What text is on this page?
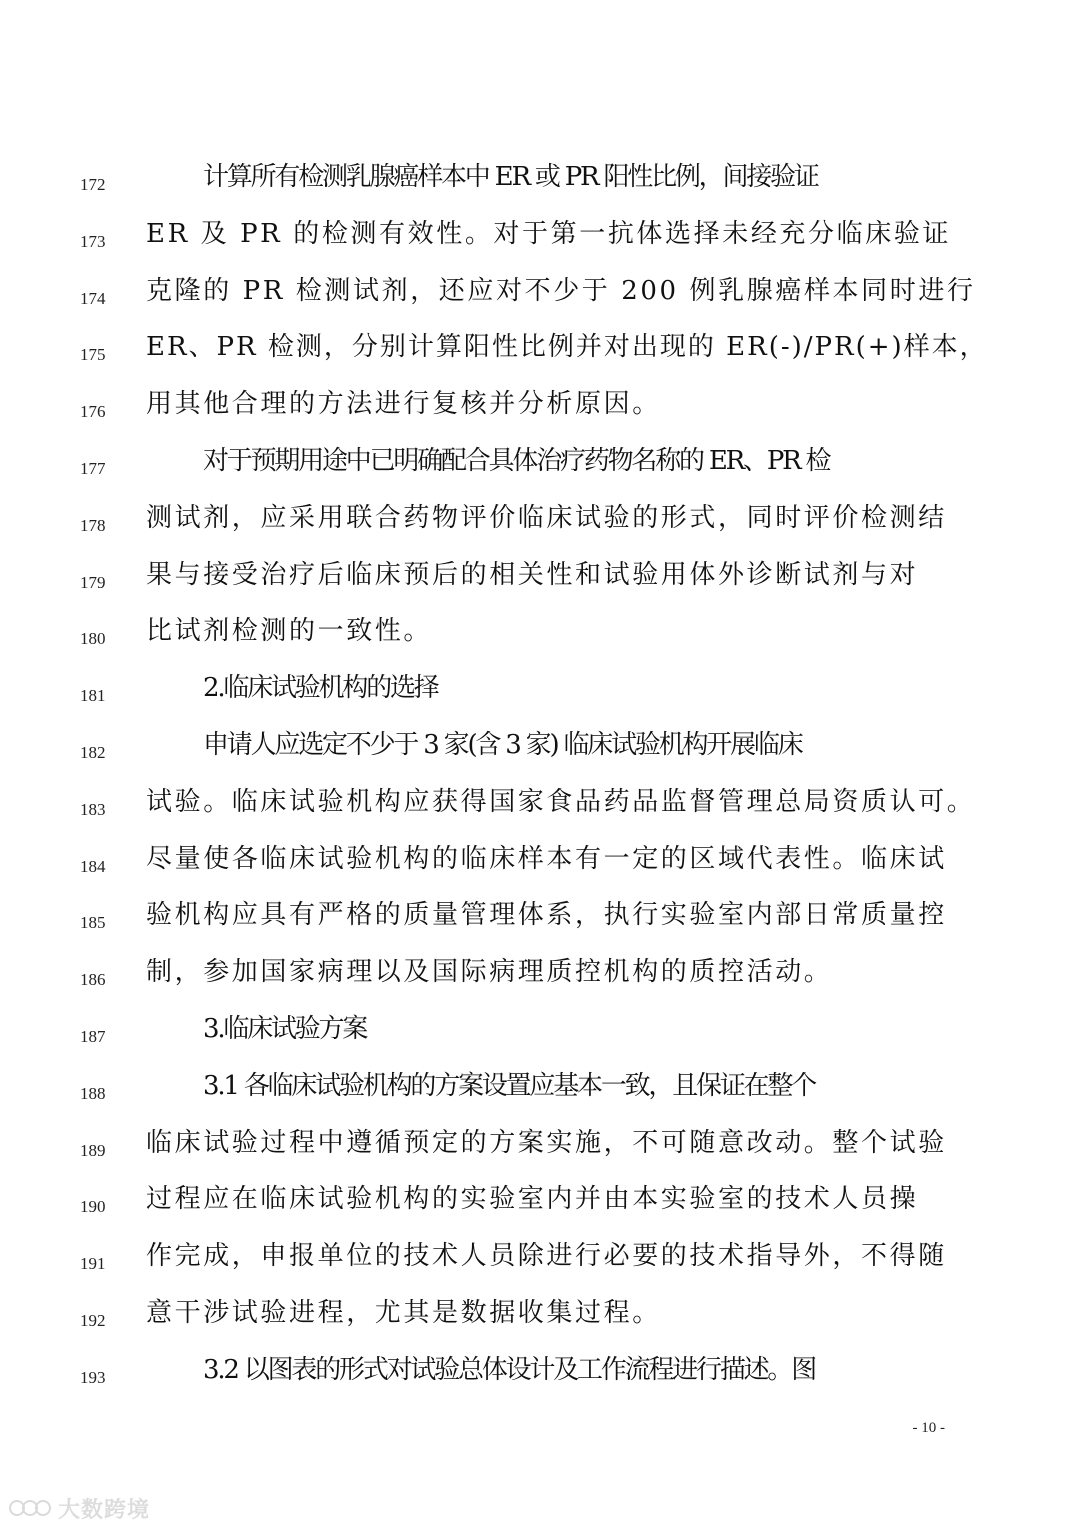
172	计算所有检测乳腺癌样本中 ER 或 PR 阳性比例，间接验证
173	ER 及 PR 的检测有效性。对于第一抗体选择未经充分临床验证
174	克隆的 PR 检测试剂，还应对不少于 200 例乳腺癌样本同时进行
175	ER、PR 检测，分别计算阳性比例并对出现的 ER(-)/PR(+)样本，
176	用其他合理的方法进行复核并分析原因。
177	对于预期用途中已明确配合具体治疗药物名称的 ER、PR 检
178	测试剂，应采用联合药物评价临床试验的形式，同时评价检测结
179	果与接受治疗后临床预后的相关性和试验用体外诊断试剂与对
180	比试剂检测的一致性。
181	2.临床试验机构的选择
182	申请人应选定不少于 3 家(含 3 家) 临床试验机构开展临床
183	试验。临床试验机构应获得国家食品药品监督管理总局资质认可。
184	尽量使各临床试验机构的临床样本有一定的区域代表性。临床试
185	验机构应具有严格的质量管理体系，执行实验室内部日常质量控
186	制，参加国家病理以及国际病理质控机构的质控活动。
187	3.临床试验方案
188	3.1 各临床试验机构的方案设置应基本一致，且保证在整个
189	临床试验过程中遵循预定的方案实施，不可随意改动。整个试验
190	过程应在临床试验机构的实验室内并由本实验室的技术人员操
191	作完成，申报单位的技术人员除进行必要的技术指导外，不得随
192	意干涉试验进程，尤其是数据收集过程。
193	3.2 以图表的形式对试验总体设计及工作流程进行描述。图
- 10 -
大数跨境
